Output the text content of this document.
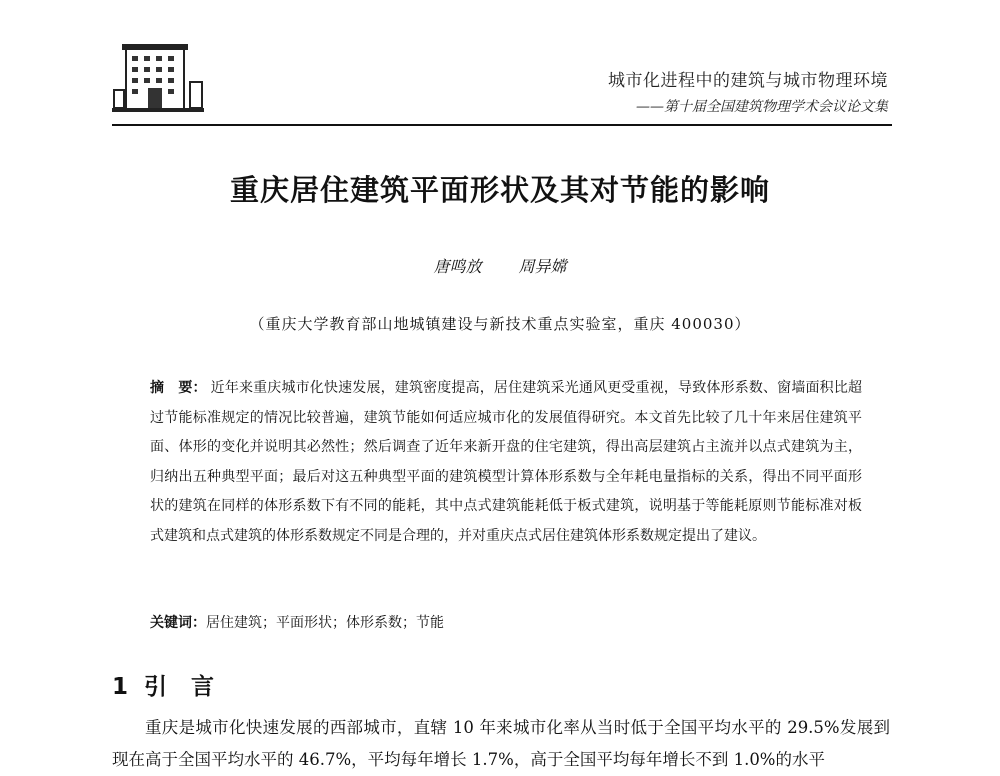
城市化进程中的建筑与城市物理环境
——第十届全国建筑物理学术会议论文集
重庆居住建筑平面形状及其对节能的影响
唐鸣放 周异嫦
（重庆大学教育部山地城镇建设与新技术重点实验室，重庆 400030）
摘　要： 近年来重庆城市化快速发展，建筑密度提高，居住建筑采光通风更受重视，导致体形系数、窗墙面积比超过节能标准规定的情况比较普遍，建筑节能如何适应城市化的发展值得研究。本文首先比较了几十年来居住建筑平面、体形的变化并说明其必然性；然后调查了近年来新开盘的住宅建筑，得出高层建筑占主流并以点式建筑为主，归纳出五种典型平面；最后对这五种典型平面的建筑模型计算体形系数与全年耗电量指标的关系，得出不同平面形状的建筑在同样的体形系数下有不同的能耗，其中点式建筑能耗低于板式建筑，说明基于等能耗原则节能标准对板式建筑和点式建筑的体形系数规定不同是合理的，并对重庆点式居住建筑体形系数规定提出了建议。
关键词：居住建筑；平面形状；体形系数；节能
1 引 言
重庆是城市化快速发展的西部城市，直辖 10 年来城市化率从当时低于全国平均水平的 29.5%发展到现在高于全国平均水平的 46.7%，平均每年增长 1.7%，高于全国平均每年增长不到 1.0%的水平
